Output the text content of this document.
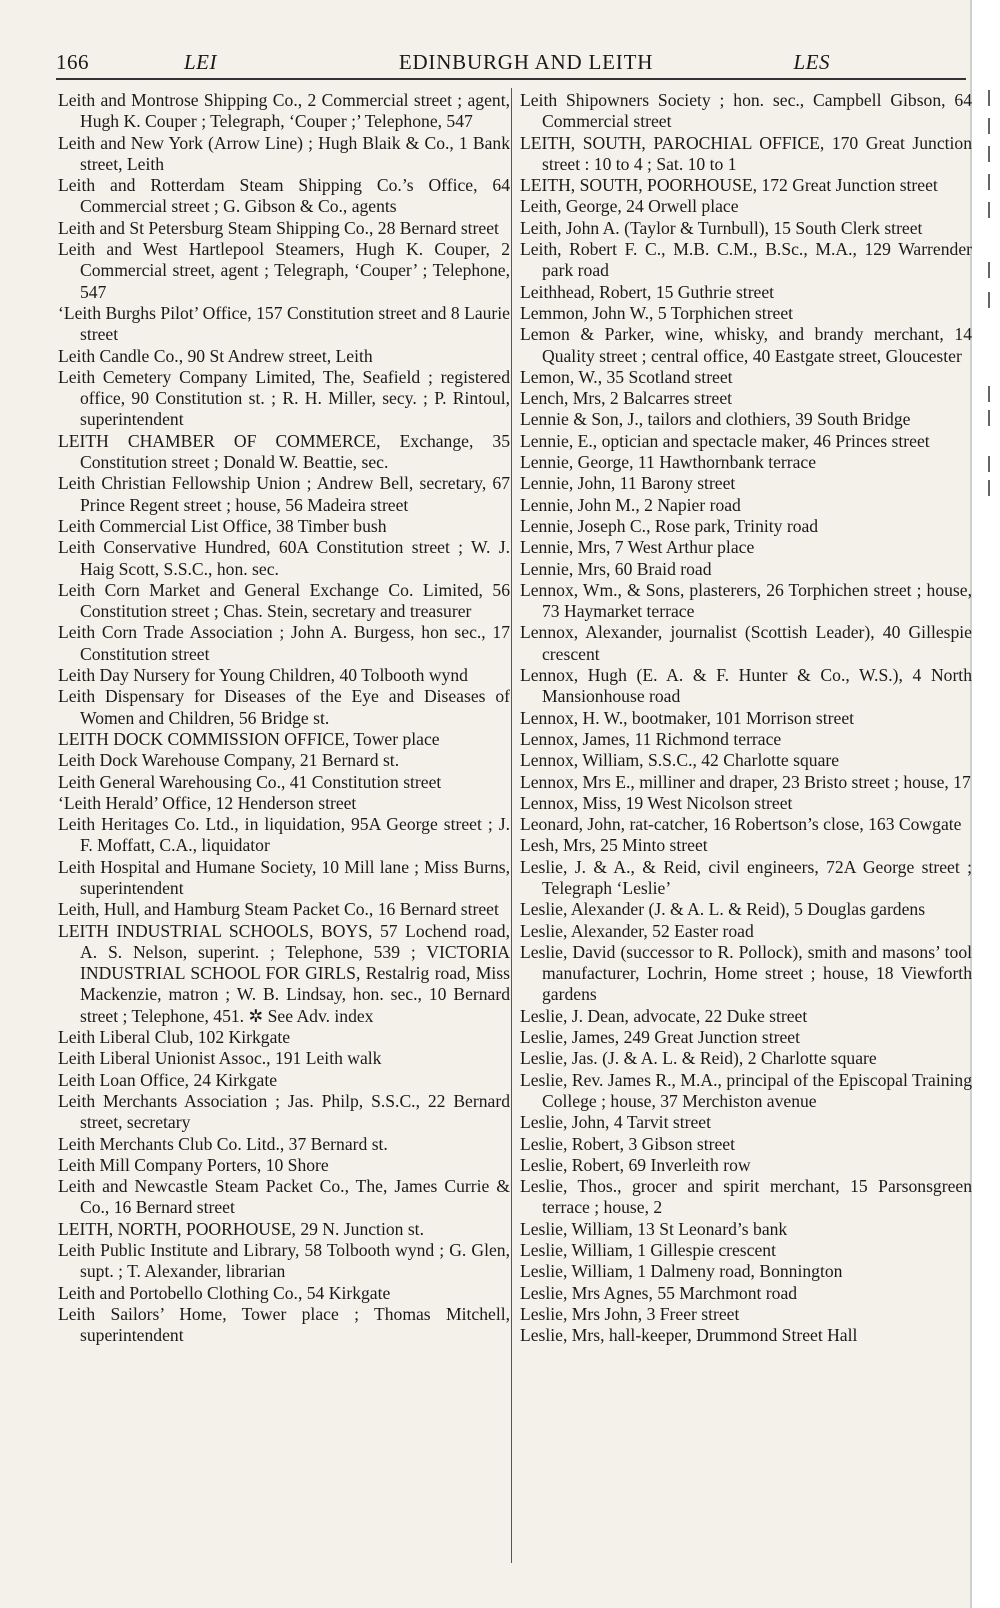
166	LEI	EDINBURGH AND LEITH	LES
Leith and Montrose Shipping Co., 2 Commercial street ; agent, Hugh K. Couper ; Telegraph, ‘Couper ;’ Telephone, 547
Leith and New York (Arrow Line) ; Hugh Blaik & Co., 1 Bank street, Leith
Leith and Rotterdam Steam Shipping Co.’s Office, 64 Commercial street ; G. Gibson & Co., agents
Leith and St Petersburg Steam Shipping Co., 28 Bernard street
Leith and West Hartlepool Steamers, Hugh K. Couper, 2 Commercial street, agent ; Telegraph, ‘Couper’ ; Telephone, 547
‘Leith Burghs Pilot’ Office, 157 Constitution street and 8 Laurie street
Leith Candle Co., 90 St Andrew street, Leith
Leith Cemetery Company Limited, The, Seafield ; registered office, 90 Constitution st. ; R. H. Miller, secy. ; P. Rintoul, superintendent
LEITH CHAMBER OF COMMERCE, Exchange, 35 Constitution street ; Donald W. Beattie, sec.
Leith Christian Fellowship Union ; Andrew Bell, secretary, 67 Prince Regent street ; house, 56 Madeira street
Leith Commercial List Office, 38 Timber bush
Leith Conservative Hundred, 60A Constitution street ; W. J. Haig Scott, S.S.C., hon. sec.
Leith Corn Market and General Exchange Co. Limited, 56 Constitution street ; Chas. Stein, secretary and treasurer
Leith Corn Trade Association ; John A. Burgess, hon sec., 17 Constitution street
Leith Day Nursery for Young Children, 40 Tolbooth wynd
Leith Dispensary for Diseases of the Eye and Diseases of Women and Children, 56 Bridge st.
LEITH DOCK COMMISSION OFFICE, Tower place
Leith Dock Warehouse Company, 21 Bernard st.
Leith General Warehousing Co., 41 Constitution street
‘Leith Herald’ Office, 12 Henderson street
Leith Heritages Co. Ltd., in liquidation, 95A George street ; J. F. Moffatt, C.A., liquidator
Leith Hospital and Humane Society, 10 Mill lane ; Miss Burns, superintendent
Leith, Hull, and Hamburg Steam Packet Co., 16 Bernard street
LEITH INDUSTRIAL SCHOOLS, BOYS, 57 Lochend road, A. S. Nelson, superint. ; Telephone, 539 ; VICTORIA INDUSTRIAL SCHOOL FOR GIRLS, Restalrig road, Miss Mackenzie, matron ; W. B. Lindsay, hon. sec., 10 Bernard street ; Telephone, 451. ✲ See Adv. index
Leith Liberal Club, 102 Kirkgate
Leith Liberal Unionist Assoc., 191 Leith walk
Leith Loan Office, 24 Kirkgate
Leith Merchants Association ; Jas. Philp, S.S.C., 22 Bernard street, secretary
Leith Merchants Club Co. Litd., 37 Bernard st.
Leith Mill Company Porters, 10 Shore
Leith and Newcastle Steam Packet Co., The, James Currie & Co., 16 Bernard street
LEITH, NORTH, POORHOUSE, 29 N. Junction st.
Leith Public Institute and Library, 58 Tolbooth wynd ; G. Glen, supt. ; T. Alexander, librarian
Leith and Portobello Clothing Co., 54 Kirkgate
Leith Sailors’ Home, Tower place ; Thomas Mitchell, superintendent
Leith Shipowners Society ; hon. sec., Campbell Gibson, 64 Commercial street
LEITH, SOUTH, PAROCHIAL OFFICE, 170 Great Junction street : 10 to 4 ; Sat. 10 to 1
LEITH, SOUTH, POORHOUSE, 172 Great Junction street
Leith, George, 24 Orwell place
Leith, John A. (Taylor & Turnbull), 15 South Clerk street
Leith, Robert F. C., M.B. C.M., B.Sc., M.A., 129 Warrender park road
Leithhead, Robert, 15 Guthrie street
Lemmon, John W., 5 Torphichen street
Lemon & Parker, wine, whisky, and brandy merchant, 14 Quality street ; central office, 40 Eastgate street, Gloucester
Lemon, W., 35 Scotland street
Lench, Mrs, 2 Balcarres street
Lennie & Son, J., tailors and clothiers, 39 South Bridge
Lennie, E., optician and spectacle maker, 46 Princes street
Lennie, George, 11 Hawthornbank terrace
Lennie, John, 11 Barony street
Lennie, John M., 2 Napier road
Lennie, Joseph C., Rose park, Trinity road
Lennie, Mrs, 7 West Arthur place
Lennie, Mrs, 60 Braid road
Lennox, Wm., & Sons, plasterers, 26 Torphichen street ; house, 73 Haymarket terrace
Lennox, Alexander, journalist (Scottish Leader), 40 Gillespie crescent
Lennox, Hugh (E. A. & F. Hunter & Co., W.S.), 4 North Mansionhouse road
Lennox, H. W., bootmaker, 101 Morrison street
Lennox, James, 11 Richmond terrace
Lennox, William, S.S.C., 42 Charlotte square
Lennox, Mrs E., milliner and draper, 23 Bristo street ; house, 17
Lennox, Miss, 19 West Nicolson street
Leonard, John, rat-catcher, 16 Robertson’s close, 163 Cowgate
Lesh, Mrs, 25 Minto street
Leslie, J. & A., & Reid, civil engineers, 72A George street ; Telegraph ‘Leslie’
Leslie, Alexander (J. & A. L. & Reid), 5 Douglas gardens
Leslie, Alexander, 52 Easter road
Leslie, David (successor to R. Pollock), smith and masons’ tool manufacturer, Lochrin, Home street ; house, 18 Viewforth gardens
Leslie, J. Dean, advocate, 22 Duke street
Leslie, James, 249 Great Junction street
Leslie, Jas. (J. & A. L. & Reid), 2 Charlotte square
Leslie, Rev. James R., M.A., principal of the Episcopal Training College ; house, 37 Merchiston avenue
Leslie, John, 4 Tarvit street
Leslie, Robert, 3 Gibson street
Leslie, Robert, 69 Inverleith row
Leslie, Thos., grocer and spirit merchant, 15 Parsonsgreen terrace ; house, 2
Leslie, William, 13 St Leonard’s bank
Leslie, William, 1 Gillespie crescent
Leslie, William, 1 Dalmeny road, Bonnington
Leslie, Mrs Agnes, 55 Marchmont road
Leslie, Mrs John, 3 Freer street
Leslie, Mrs, hall-keeper, Drummond Street Hall
